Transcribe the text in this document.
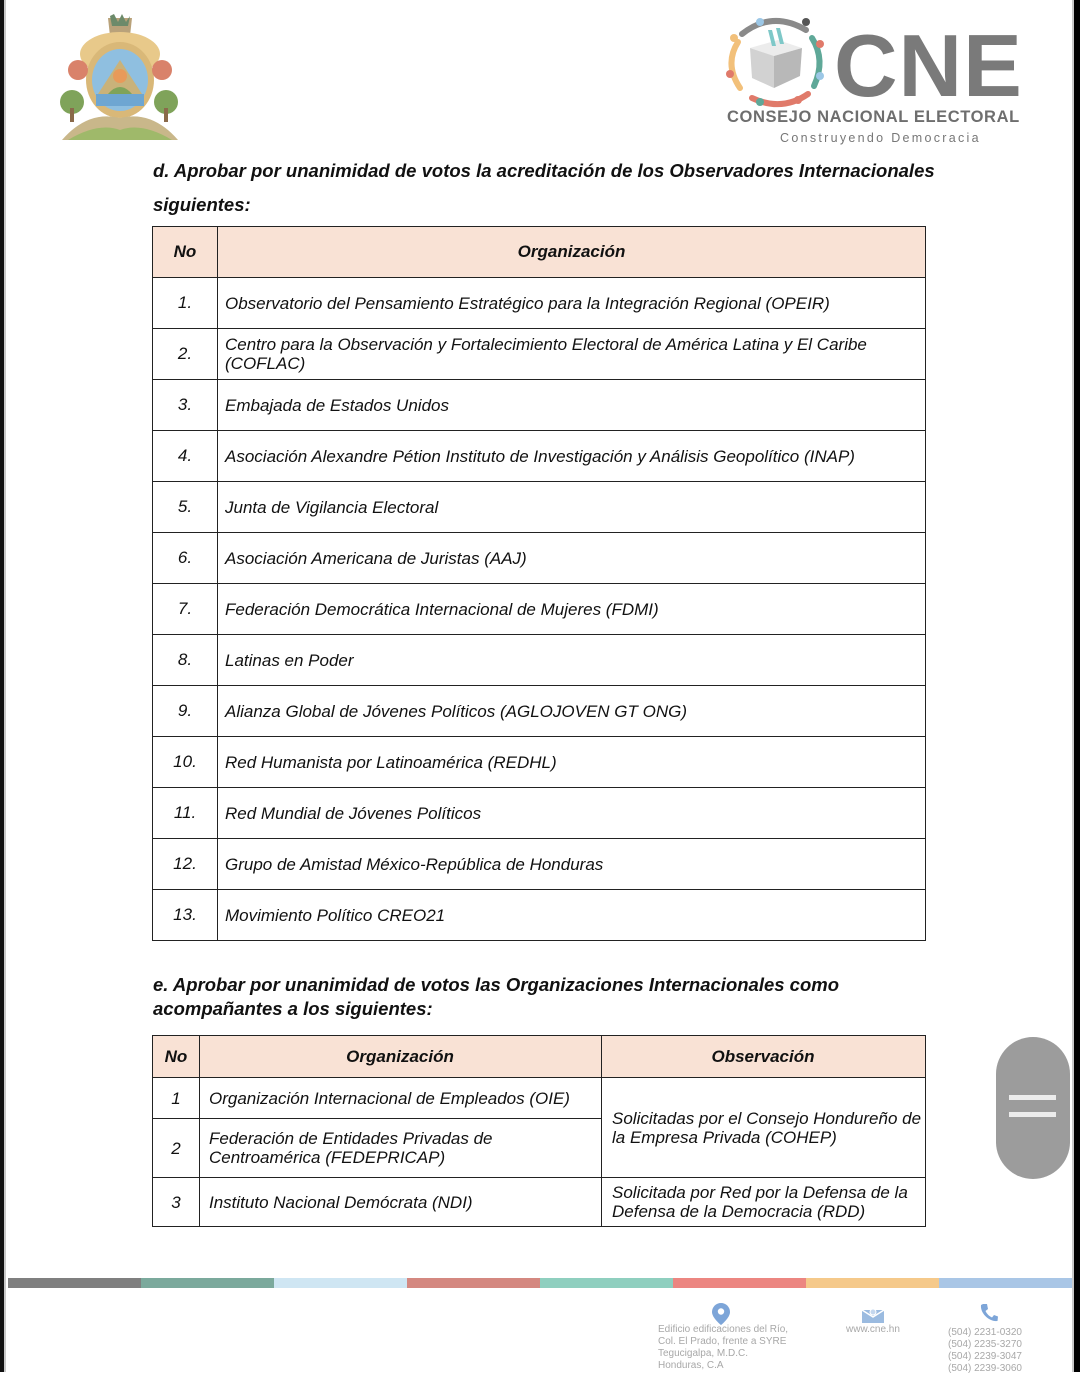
CNE
CONSEJO NACIONAL ELECTORAL
Construyendo Democracia
d. Aprobar por unanimidad de votos la acreditación de los Observadores Internacionales
siguientes:
No	Organización
1.	Observatorio del Pensamiento Estratégico para la Integración Regional (OPEIR)
2.	Centro para la Observación y Fortalecimiento Electoral de América Latina y El Caribe (COFLAC)
3.	Embajada de Estados Unidos
4.	Asociación Alexandre Pétion Instituto de Investigación y Análisis Geopolítico (INAP)
5.	Junta de Vigilancia Electoral
6.	Asociación Americana de Juristas (AAJ)
7.	Federación Democrática Internacional de Mujeres (FDMI)
8.	Latinas en Poder
9.	Alianza Global de Jóvenes Políticos (AGLOJOVEN GT ONG)
10.	Red Humanista por Latinoamérica (REDHL)
11.	Red Mundial de Jóvenes Políticos
12.	Grupo de Amistad México-República de Honduras
13.	Movimiento Político CREO21
e. Aprobar por unanimidad de votos las Organizaciones Internacionales como
acompañantes a los siguientes:
No	Organización	Observación
1	Organización Internacional de Empleados (OIE)	Solicitadas por el Consejo Hondureño de la Empresa Privada (COHEP)
2	Federación de Entidades Privadas de Centroamérica (FEDEPRICAP)	
3	Instituto Nacional Demócrata (NDI)	Solicitada por Red por la Defensa de la Defensa de la Democracia (RDD)
Edificio edificaciones del Río,
Col. El Prado, frente a SYRE
Tegucigalpa, M.D.C.
Honduras, C.A
www.cne.hn	(504) 2231-0320
(504) 2235-3270
(504) 2239-3047
(504) 2239-3060
